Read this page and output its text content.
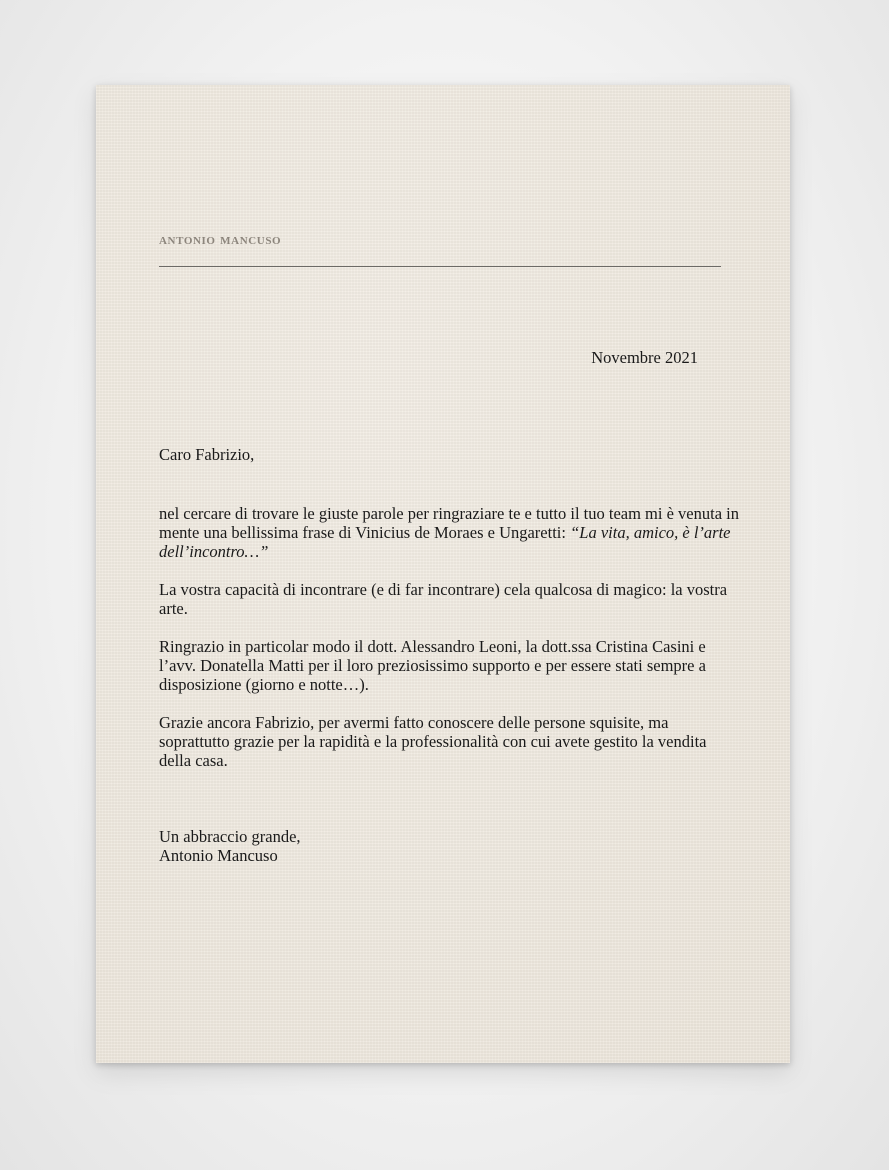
antonio mancuso
Novembre 2021

Caro Fabrizio,

nel cercare di trovare le giuste parole per ringraziare te e tutto il tuo team mi è venuta in mente una bellissima frase di Vinicius de Moraes e Ungaretti: “La vita, amico, è l’arte dell’incontro…”

La vostra capacità di incontrare (e di far incontrare) cela qualcosa di magico: la vostra arte.

Ringrazio in particolar modo il dott. Alessandro Leoni, la dott.ssa Cristina Casini e l’avv. Donatella Matti per il loro preziosissimo supporto e per essere stati sempre a disposizione (giorno e notte…).

Grazie ancora Fabrizio, per avermi fatto conoscere delle persone squisite, ma soprattutto grazie per la rapidità e la professionalità con cui avete gestito la vendita della casa.

Un abbraccio grande,
Antonio Mancuso
